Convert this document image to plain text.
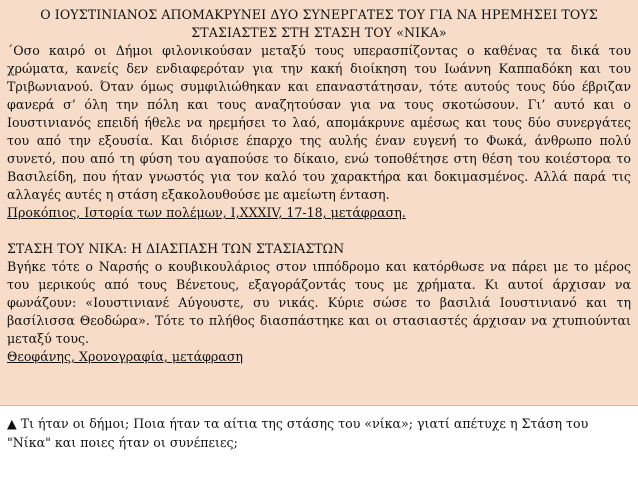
Ο ΙΟΥΣΤΙΝΙΑΝΟΣ ΑΠΟΜΑΚΡΥΝΕΙ ΔΥΟ ΣΥΝΕΡΓΑΤΕΣ ΤΟΥ ΓΙΑ ΝΑ ΗΡΕΜΗΣΕΙ ΤΟΥΣ ΣΤΑΣΙΑΣΤΕΣ ΣΤΗ ΣΤΑΣΗ ΤΟΥ «ΝΙΚΑ»

΄Οσο καιρό οι Δήμοι φιλονικούσαν μεταξύ τους υπερασπίζοντας ο καθένας τα δικά του χρώματα, κανείς δεν ενδιαφερόταν για την κακή διοίκηση του Ιωάννη Καππαδόκη και του Τριβωνιανού. Όταν όμως συμφιλιώθηκαν και επαναστάτησαν, τότε αυτούς τους δύο έβριζαν φανερά σ’ όλη την πόλη και τους αναζητούσαν για να τους σκοτώσουν. Γι’ αυτό και ο Ιουστινιανός επειδή ήθελε να ηρεμήσει το λαό, απομάκρυνε αμέσως και τους δύο συνεργάτες του από την εξουσία. Και διόρισε έπαρχο της αυλής έναν ευγενή το Φωκά, άνθρωπο πολύ συνετό, που από τη φύση του αγαπούσε το δίκαιο, ενώ τοποθέτησε στη θέση του κοιέστορα το Βασιλείδη, που ήταν γνωστός για τον καλό του χαρακτήρα και δοκιμασμένος. Αλλά παρά τις αλλαγές αυτές η στάση εξακολουθούσε με αμείωτη ένταση.

Προκόπιος, Ιστορία των πολέμων, Ι,ΧΧΧΙV, 17-18, μετάφραση.

ΣΤΑΣΗ ΤΟΥ ΝΙΚΑ: Η ΔΙΑΣΠΑΣΗ ΤΩΝ ΣΤΑΣΙΑΣΤΩΝ

Βγήκε τότε ο Ναρσής ο κουβικουλάριος στον ιππόδρομο και κατόρθωσε να πάρει με το μέρος του μερικούς από τους Βένετους, εξαγοράζοντάς τους με χρήματα. Κι αυτοί άρχισαν να φωνάζουν: «Ιουστινιανέ Αύγουστε, συ νικάς. Κύριε σώσε το βασιλιά Ιουστινιανό και τη βασίλισσα Θεοδώρα». Τότε το πλήθος διασπάστηκε και οι στασιαστές άρχισαν να χτυπιούνται μεταξύ τους.

Θεοφάνης, Χρονογραφία, μετάφραση

▲ Τι ήταν οι δήμοι; Ποια ήταν τα αίτια της στάσης του «νίκα»; γιατί απέτυχε η Στάση του "Νίκα" και ποιες ήταν οι συνέπειες;
